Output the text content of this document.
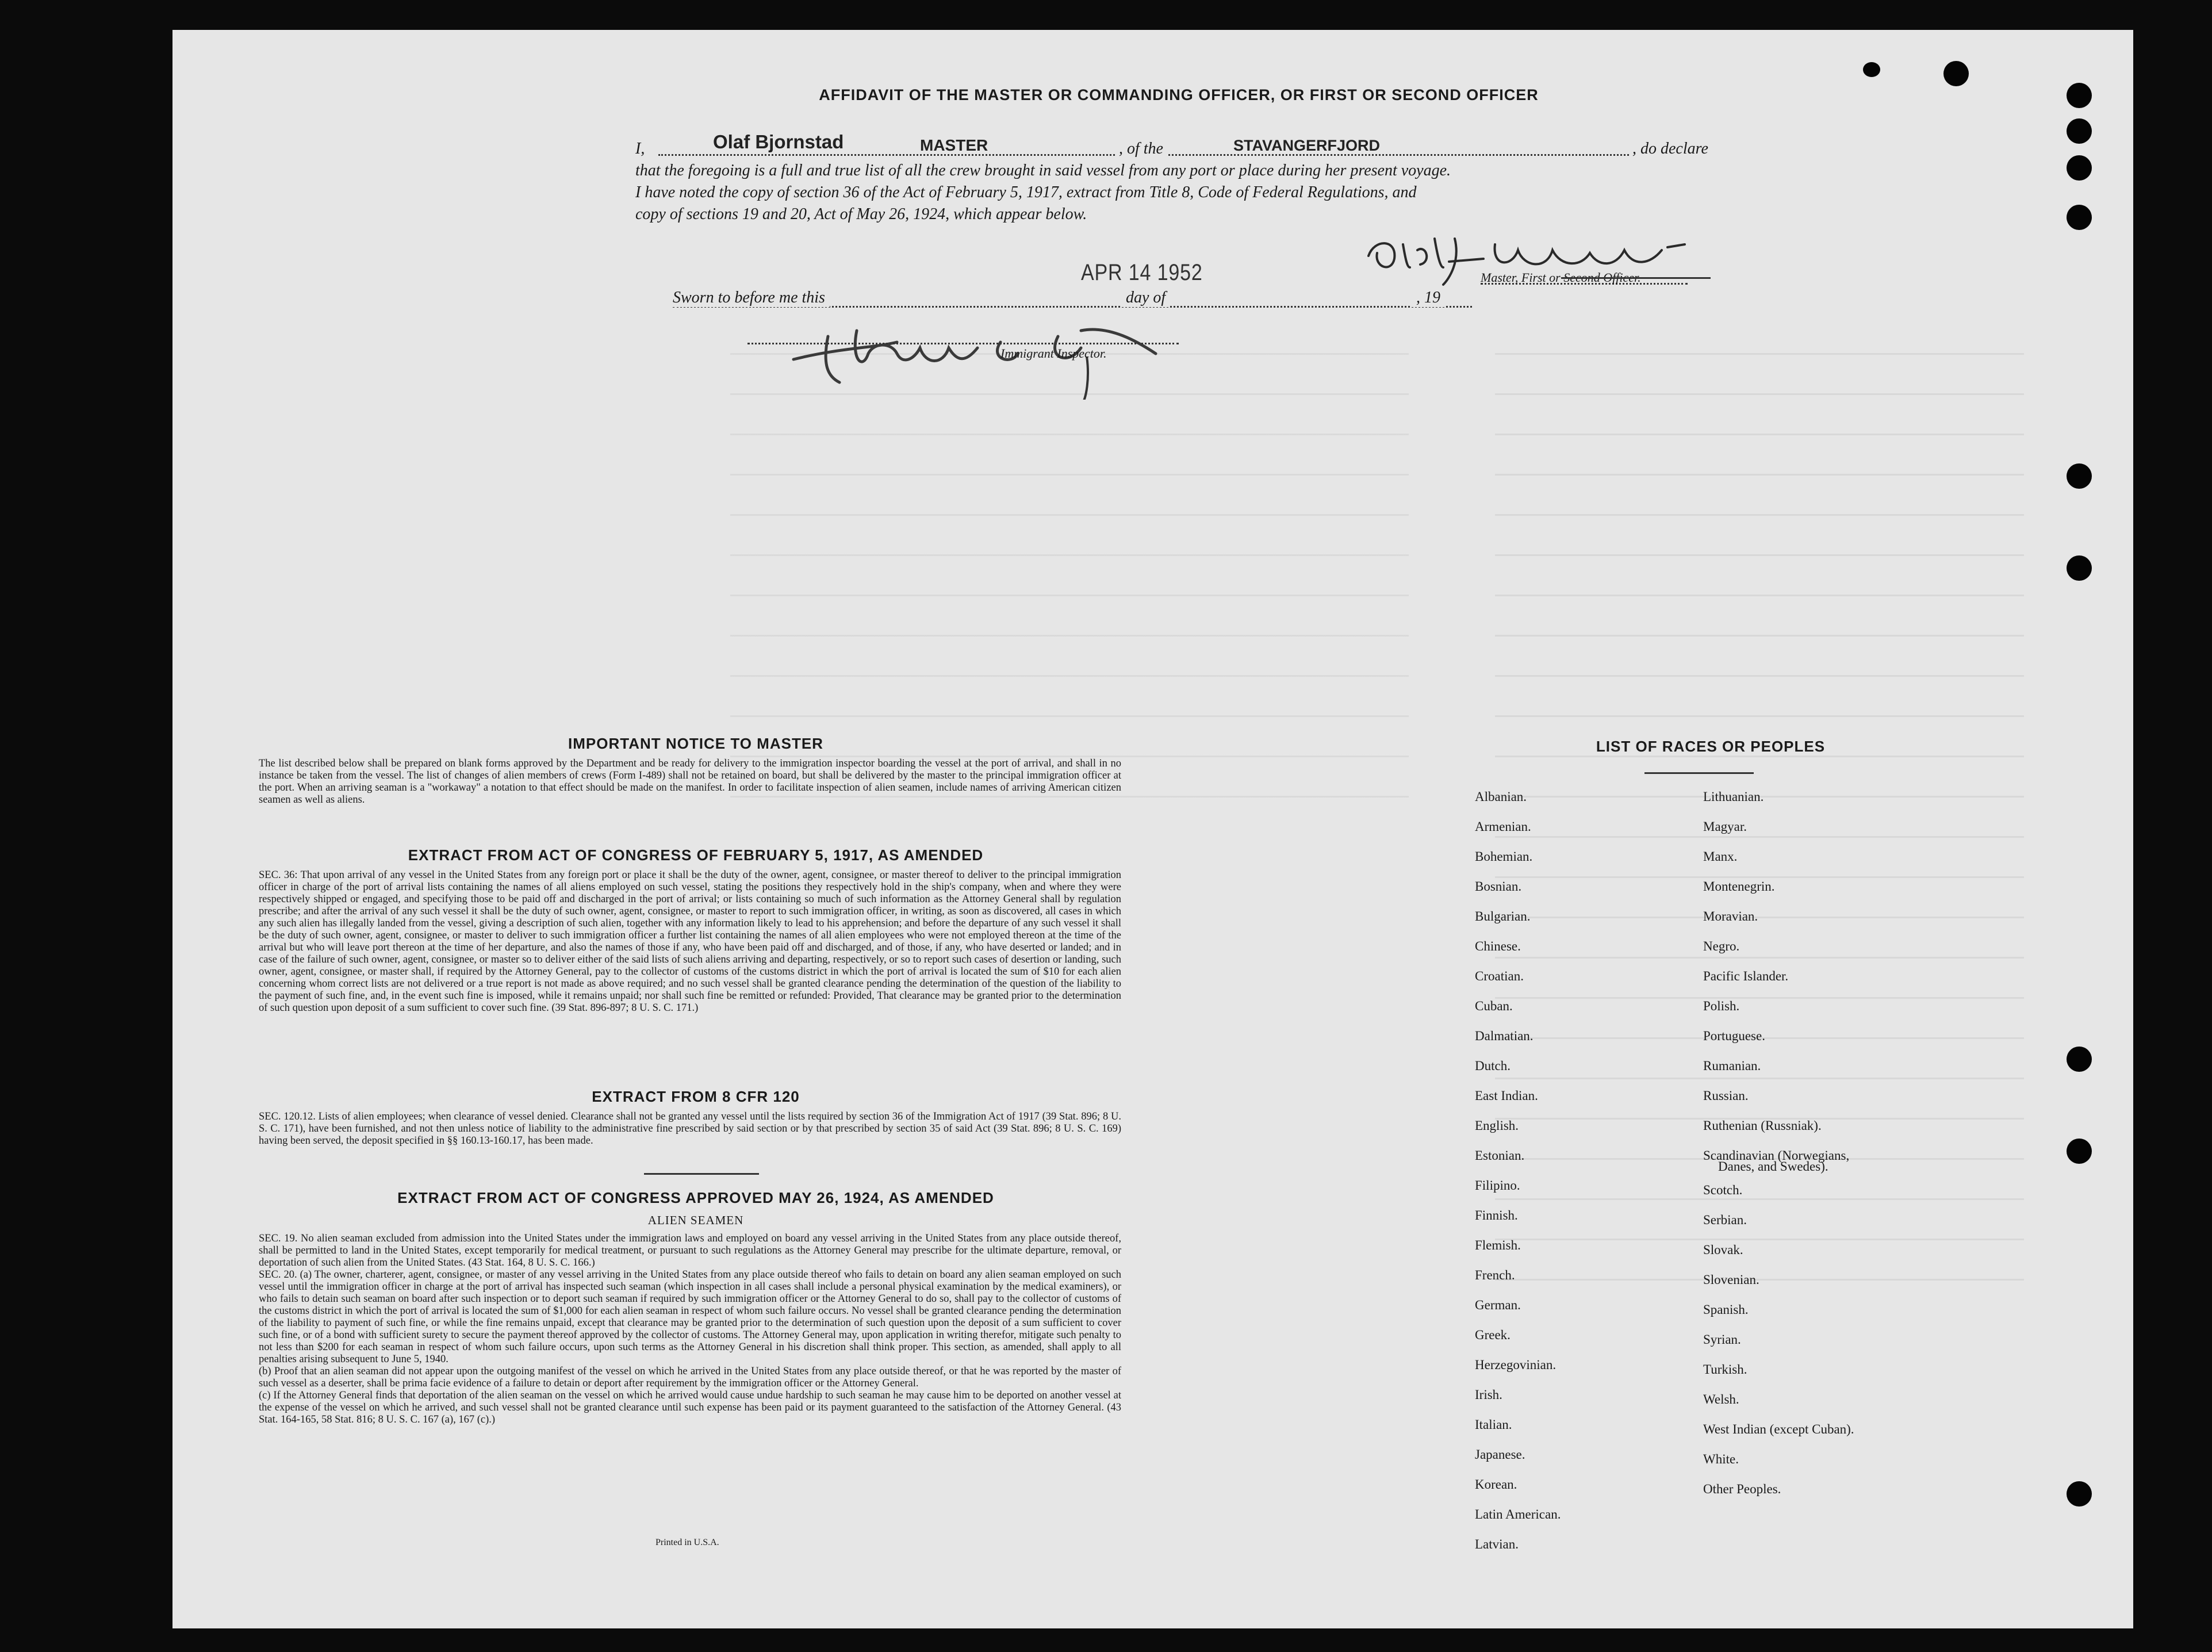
AFFIDAVIT OF THE MASTER OR COMMANDING OFFICER, OR FIRST OR SECOND OFFICER
I,	Olaf Bjornstad	MASTER	, of the	STAVANGERFJORD	, do declare
that the foregoing is a full and true list of all the crew brought in said vessel from any port or place during her present voyage.
I have noted the copy of section 36 of the Act of February 5, 1917, extract from Title 8, Code of Federal Regulations, and
copy of sections 19 and 20, Act of May 26, 1924, which appear below.
Master, First or Second Officer.
APR 14 1952
Sworn to before me this	day of	, 19
Immigrant Inspector.
IMPORTANT NOTICE TO MASTER
The list described below shall be prepared on blank forms approved by the Department and be ready for delivery to the immigration inspector boarding the vessel at the port of arrival, and shall in no instance be taken from the vessel. The list of changes of alien members of crews (Form I-489) shall not be retained on board, but shall be delivered by the master to the principal immigration officer at the port. When an arriving seaman is a "workaway" a notation to that effect should be made on the manifest. In order to facilitate inspection of alien seamen, include names of arriving American citizen seamen as well as aliens.
EXTRACT FROM ACT OF CONGRESS OF FEBRUARY 5, 1917, AS AMENDED
SEC. 36: That upon arrival of any vessel in the United States from any foreign port or place it shall be the duty of the owner, agent, consignee, or master thereof to deliver to the principal immigration officer in charge of the port of arrival lists containing the names of all aliens employed on such vessel, stating the positions they respectively hold in the ship's company, when and where they were respectively shipped or engaged, and specifying those to be paid off and discharged in the port of arrival; or lists containing so much of such information as the Attorney General shall by regulation prescribe; and after the arrival of any such vessel it shall be the duty of such owner, agent, consignee, or master to report to such immigration officer, in writing, as soon as discovered, all cases in which any such alien has illegally landed from the vessel, giving a description of such alien, together with any information likely to lead to his apprehension; and before the departure of any such vessel it shall be the duty of such owner, agent, consignee, or master to deliver to such immigration officer a further list containing the names of all alien employees who were not employed thereon at the time of the arrival but who will leave port thereon at the time of her departure, and also the names of those if any, who have been paid off and discharged, and of those, if any, who have deserted or landed; and in case of the failure of such owner, agent, consignee, or master so to deliver either of the said lists of such aliens arriving and departing, respectively, or so to report such cases of desertion or landing, such owner, agent, consignee, or master shall, if required by the Attorney General, pay to the collector of customs of the customs district in which the port of arrival is located the sum of $10 for each alien concerning whom correct lists are not delivered or a true report is not made as above required; and no such vessel shall be granted clearance pending the determination of the question of the liability to the payment of such fine, and, in the event such fine is imposed, while it remains unpaid; nor shall such fine be remitted or refunded: Provided, That clearance may be granted prior to the determination of such question upon deposit of a sum sufficient to cover such fine. (39 Stat. 896-897; 8 U. S. C. 171.)
EXTRACT FROM 8 CFR 120
SEC. 120.12. Lists of alien employees; when clearance of vessel denied. Clearance shall not be granted any vessel until the lists required by section 36 of the Immigration Act of 1917 (39 Stat. 896; 8 U. S. C. 171), have been furnished, and not then unless notice of liability to the administrative fine prescribed by said section or by that prescribed by section 35 of said Act (39 Stat. 896; 8 U. S. C. 169) having been served, the deposit specified in §§ 160.13-160.17, has been made.
EXTRACT FROM ACT OF CONGRESS APPROVED MAY 26, 1924, AS AMENDED
ALIEN SEAMEN
SEC. 19. No alien seaman excluded from admission into the United States under the immigration laws and employed on board any vessel arriving in the United States from any place outside thereof, shall be permitted to land in the United States, except temporarily for medical treatment, or pursuant to such regulations as the Attorney General may prescribe for the ultimate departure, removal, or deportation of such alien from the United States. (43 Stat. 164, 8 U. S. C. 166.)
SEC. 20. (a) The owner, charterer, agent, consignee, or master of any vessel arriving in the United States from any place outside thereof who fails to detain on board any alien seaman employed on such vessel until the immigration officer in charge at the port of arrival has inspected such seaman (which inspection in all cases shall include a personal physical examination by the medical examiners), or who fails to detain such seaman on board after such inspection or to deport such seaman if required by such immigration officer or the Attorney General to do so, shall pay to the collector of customs of the customs district in which the port of arrival is located the sum of $1,000 for each alien seaman in respect of whom such failure occurs. No vessel shall be granted clearance pending the determination of the liability to payment of such fine, or while the fine remains unpaid, except that clearance may be granted prior to the determination of such question upon the deposit of a sum sufficient to cover such fine, or of a bond with sufficient surety to secure the payment thereof approved by the collector of customs. The Attorney General may, upon application in writing therefor, mitigate such penalty to not less than $200 for each seaman in respect of whom such failure occurs, upon such terms as the Attorney General in his discretion shall think proper. This section, as amended, shall apply to all penalties arising subsequent to June 5, 1940.
(b) Proof that an alien seaman did not appear upon the outgoing manifest of the vessel on which he arrived in the United States from any place outside thereof, or that he was reported by the master of such vessel as a deserter, shall be prima facie evidence of a failure to detain or deport after requirement by the immigration officer or the Attorney General.
(c) If the Attorney General finds that deportation of the alien seaman on the vessel on which he arrived would cause undue hardship to such seaman he may cause him to be deported on another vessel at the expense of the vessel on which he arrived, and such vessel shall not be granted clearance until such expense has been paid or its payment guaranteed to the satisfaction of the Attorney General. (43 Stat. 164-165, 58 Stat. 816; 8 U. S. C. 167 (a), 167 (c).)
Printed in U.S.A.
LIST OF RACES OR PEOPLES
Albanian.
Armenian.
Bohemian.
Bosnian.
Bulgarian.
Chinese.
Croatian.
Cuban.
Dalmatian.
Dutch.
East Indian.
English.
Estonian.
Filipino.
Finnish.
Flemish.
French.
German.
Greek.
Herzegovinian.
Irish.
Italian.
Japanese.
Korean.
Latin American.
Latvian.
Lithuanian.
Magyar.
Manx.
Montenegrin.
Moravian.
Negro.
Pacific Islander.
Polish.
Portuguese.
Rumanian.
Russian.
Ruthenian (Russniak).
Scandinavian (Norwegians,
Danes, and Swedes).
Scotch.
Serbian.
Slovak.
Slovenian.
Spanish.
Syrian.
Turkish.
Welsh.
West Indian (except Cuban).
White.
Other Peoples.
